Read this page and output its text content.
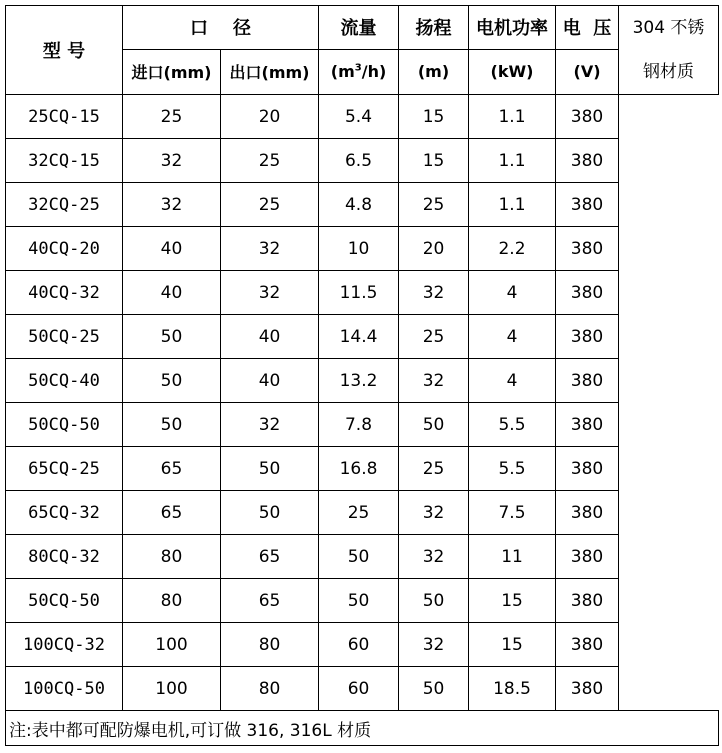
型 号	口    径		流量	扬程	电机功率	电  压	304 不锈
钢材质

	进口(mm)	出口(mm)	$(m^3/h)$	(m)	(kW)	(V)	
25CQ-15	25	20	5.4	15	1.1	380	
32CQ-15	32	25	6.5	15	1.1	380	
32CQ-25	32	25	4.8	25	1.1	380	
40CQ-20	40	32	10	20	2.2	380	
40CQ-32	40	32	11.5	32	4	380	
50CQ-25	50	40	14.4	25	4	380	
50CQ-40	50	40	13.2	32	4	380	
50CQ-50	50	32	7.8	50	5.5	380	
65CQ-25	65	50	16.8	25	5.5	380	
65CQ-32	65	50	25	32	7.5	380	
80CQ-32	80	65	50	32	11	380	
50CQ-50	80	65	50	50	15	380	
100CQ-32	100	80	60	32	15	380	
100CQ-50	100	80	60	50	18.5	380	
注:表中都可配防爆电机,可订做 316, 316L 材质							
